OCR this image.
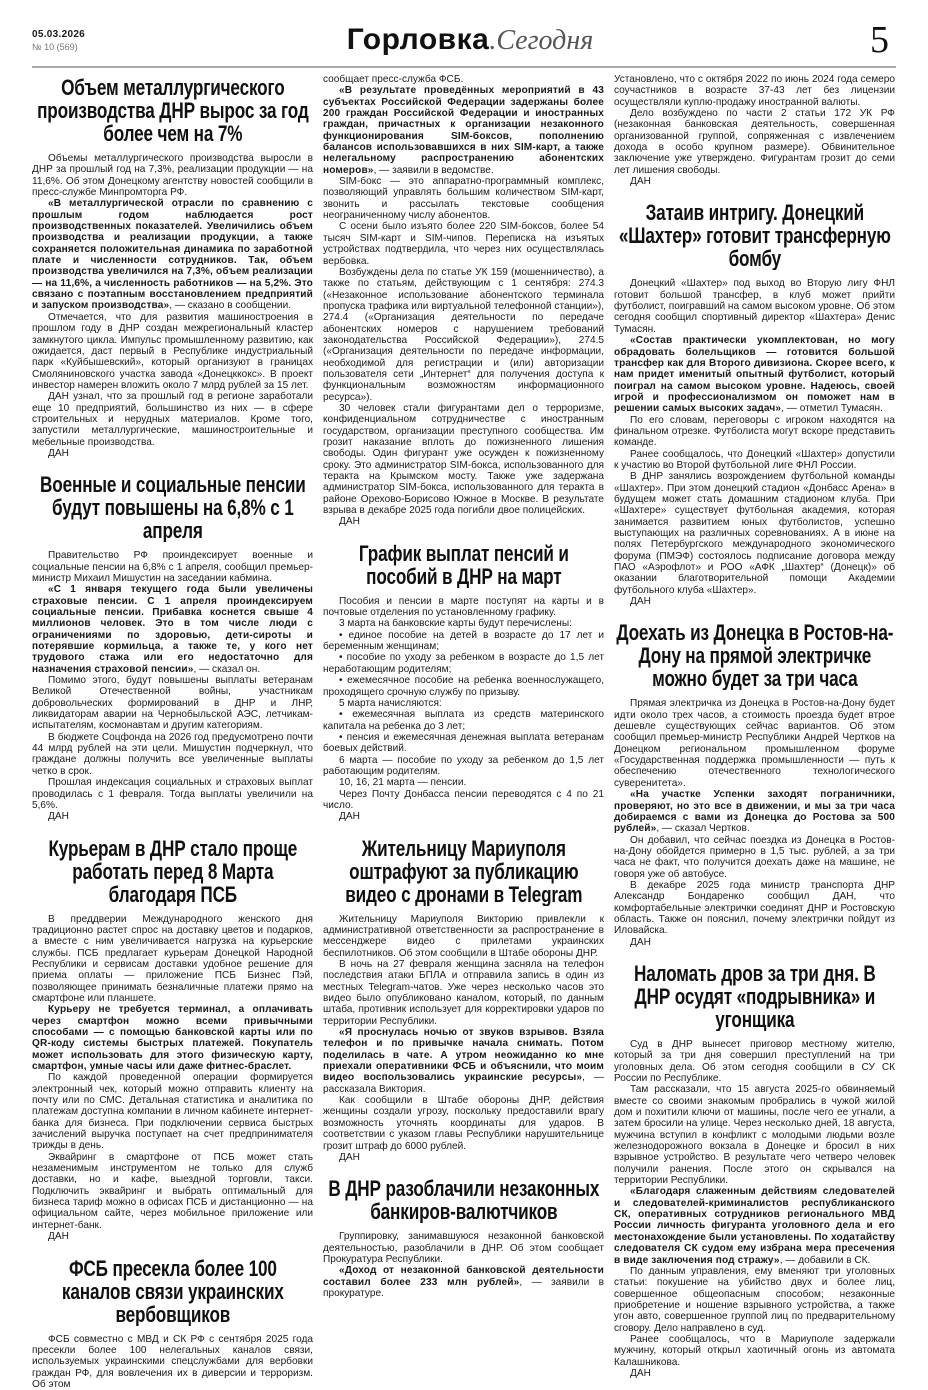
05.03.2026
№ 10 (569)	Горловка.Сегодня	5
Объем металлургического производства ДНР вырос за год более чем на 7%

Объемы металлургического производства выросли в ДНР за прошлый год на 7,3%, реализации продукции — на 11,6%. Об этом Донецкому агентству новостей сообщили в пресс-службе Минпромторга РФ.

«В металлургической отрасли по сравнению с прошлым годом наблюдается рост производственных показателей. Увеличились объем производства и реализации продукции, а также сохраняется положительная динамика по заработной плате и численности сотрудников. Так, объем производства увеличился на 7,3%, объем реализации — на 11,6%, а численность работников — на 5,2%. Это связано с поэтапным восстановлением предприятий и запуском производства», — сказано в сообщении.

Отмечается, что для развития машиностроения в прошлом году в ДНР создан межрегиональный кластер замкнутого цикла. Импульс промышленному развитию, как ожидается, даст первый в Республике индустриальный парк «Куйбышевский», который организуют в границах Смоляниновского участка завода «Донецккокс». В проект инвестор намерен вложить около 7 млрд рублей за 15 лет.

ДАН узнал, что за прошлый год в регионе заработали еще 10 предприятий, большинство из них — в сфере строительных и нерудных материалов. Кроме того, запустили металлургические, машиностроительные и мебельные производства.

ДАН
Военные и социальные пенсии будут повышены на 6,8% с 1 апреля

Правительство РФ проиндексирует военные и социальные пенсии на 6,8% с 1 апреля, сообщил премьер-министр Михаил Мишустин на заседании кабмина.

«С 1 января текущего года были увеличены страховые пенсии. С 1 апреля проиндексируем социальные пенсии. Прибавка коснется свыше 4 миллионов человек. Это в том числе люди с ограничениями по здоровью, дети-сироты и потерявшие кормильца, а также те, у кого нет трудового стажа или его недостаточно для назначения страховой пенсии», — сказал он.

Помимо этого, будут повышены выплаты ветеранам Великой Отечественной войны, участникам добровольческих формирований в ДНР и ЛНР, ликвидаторам аварии на Чернобыльской АЭС, летчикам-испытателям, космонавтам и другим категориям.

В бюджете Соцфонда на 2026 год предусмотрено почти 44 млрд рублей на эти цели. Мишустин подчеркнул, что граждане должны получить все увеличенные выплаты четко в срок.

Прошлая индексация социальных и страховых выплат проводилась с 1 февраля. Тогда выплаты увеличили на 5,6%.

ДАН
Курьерам в ДНР стало проще работать перед 8 Марта благодаря ПСБ

В преддверии Международного женского дня традиционно растет спрос на доставку цветов и подарков, а вместе с ним увеличивается нагрузка на курьерские службы. ПСБ предлагает курьерам Донецкой Народной Республики и сервисам доставки удобное решение для приема оплаты — приложение ПСБ Бизнес Пэй, позволяющее принимать безналичные платежи прямо на смартфоне или планшете.

Курьеру не требуется терминал, а оплачивать через смартфон можно всеми привычными способами — с помощью банковской карты или по QR-коду системы быстрых платежей. Покупатель может использовать для этого физическую карту, смартфон, умные часы или даже фитнес-браслет.

По каждой проведенной операции формируется электронный чек, который можно отправить клиенту на почту или по СМС. Детальная статистика и аналитика по платежам доступна компании в личном кабинете интернет-банка для бизнеса. При подключении сервиса быстрых зачислений выручка поступает на счет предпринимателя трижды в день.

Эквайринг в смартфоне от ПСБ может стать незаменимым инструментом не только для служб доставки, но и кафе, выездной торговли, такси. Подключить эквайринг и выбрать оптимальный для бизнеса тариф можно в офисах ПСБ и дистанционно — на официальном сайте, через мобильное приложение или интернет-банк.

ДАН
ФСБ пресекла более 100 каналов связи украинских вербовщиков

ФСБ совместно с МВД и СК РФ с сентября 2025 года пресекли более 100 нелегальных каналов связи, используемых украинскими спецслужбами для вербовки граждан РФ, для вовлечения их в диверсии и терроризм. Об этом

сообщает пресс-служба ФСБ.

«В результате проведённых мероприятий в 43 субъектах Российской Федерации задержаны более 200 граждан Российской Федерации и иностранных граждан, причастных к организации незаконного функционирования SIM-боксов, пополнению балансов использовавшихся в них SIM-карт, а также нелегальному распространению абонентских номеров», — заявили в ведомстве.

SIM-бокс — это аппаратно-программный комплекс, позволяющий управлять большим количеством SIM-карт, звонить и рассылать текстовые сообщения неограниченному числу абонентов.

С осени было изъято более 220 SIM-боксов, более 54 тысяч SIM-карт и SIM-чипов. Переписка на изъятых устройствах подтвердила, что через них осуществлялась вербовка.

Возбуждены дела по статье УК 159 (мошенничество), а также по статьям, действующим с 1 сентября: 274.3 («Незаконное использование абонентского терминала пропуска трафика или виртуальной телефонной станции»), 274.4 («Организация деятельности по передаче абонентских номеров с нарушением требований законодательства Российской Федерации»), 274.5 («Организация деятельности по передаче информации, необходимой для регистрации и (или) авторизации пользователя сети „Интернет“ для получения доступа к функциональным возможностям информационного ресурса»).

30 человек стали фигурантами дел о терроризме, конфиденциальном сотрудничестве с иностранным государством, организации преступного сообщества. Им грозит наказание вплоть до пожизненного лишения свободы. Один фигурант уже осужден к пожизненному сроку. Это администратор SIM-бокса, использованного для теракта на Крымском мосту. Также уже задержана администратор SIM-бокса, использованного для теракта в районе Орехово-Борисово Южное в Москве. В результате взрыва в декабре 2025 года погибли двое полицейских.

ДАН
График выплат пенсий и пособий в ДНР на март

Пособия и пенсии в марте поступят на карты и в почтовые отделения по установленному графику.

3 марта на банковские карты будут перечислены:

• единое пособие на детей в возрасте до 17 лет и беременным женщинам;

• пособие по уходу за ребенком в возрасте до 1,5 лет неработающим родителям;

• ежемесячное пособие на ребенка военнослужащего, проходящего срочную службу по призыву.

5 марта начисляются:

• ежемесячная выплата из средств материнского капитала на ребенка до 3 лет;

• пенсия и ежемесячная денежная выплата ветеранам боевых действий.

6 марта — пособие по уходу за ребенком до 1,5 лет работающим родителям.

10, 16, 21 марта — пенсии.

Через Почту Донбасса пенсии переводятся с 4 по 21 число.

ДАН
Жительницу Мариуполя оштрафуют за публикацию видео с дронами в Telegram

Жительницу Мариуполя Викторию привлекли к административной ответственности за распространение в мессенджере видео с прилетами украинских беспилотников. Об этом сообщили в Штабе обороны ДНР.

В ночь на 27 февраля женщина засняла на телефон последствия атаки БПЛА и отправила запись в один из местных Telegram-чатов. Уже через несколько часов это видео было опубликовано каналом, который, по данным штаба, противник использует для корректировки ударов по территории Республики.

«Я проснулась ночью от звуков взрывов. Взяла телефон и по привычке начала снимать. Потом поделилась в чате. А утром неожиданно ко мне приехали оперативники ФСБ и объяснили, что моим видео воспользовались украинские ресурсы», — рассказала Виктория.

Как сообщили в Штабе обороны ДНР, действия женщины создали угрозу, поскольку предоставили врагу возможность уточнять координаты для ударов. В соответствии с указом главы Республики нарушительнице грозит штраф до 6000 рублей.

ДАН
В ДНР разоблачили незаконных банкиров-валютчиков

Группировку, занимавшуюся незаконной банковской деятельностью, разоблачили в ДНР. Об этом сообщает Прокуратура Республики.

«Доход от незаконной банковской деятельности составил более 233 млн рублей», — заявили в прокуратуре.

Установлено, что с октября 2022 по июнь 2024 года семеро соучастников в возрасте 37-43 лет без лицензии осуществляли куплю-продажу иностранной валюты.

Дело возбуждено по части 2 статьи 172 УК РФ (незаконная банковская деятельность, совершенная организованной группой, сопряженная с извлечением дохода в особо крупном размере). Обвинительное заключение уже утверждено. Фигурантам грозит до семи лет лишения свободы.

ДАН
Затаив интригу. Донецкий «Шахтер» готовит трансферную бомбу

Донецкий «Шахтер» под выход во Вторую лигу ФНЛ готовит большой трансфер, в клуб может прийти футболист, поигравший на самом высоком уровне. Об этом сегодня сообщил спортивный директор «Шахтера» Денис Тумасян.

«Состав практически укомплектован, но могу обрадовать болельщиков — готовится большой трансфер как для Второго дивизиона. Скорее всего, к нам придет именитый опытный футболист, который поиграл на самом высоком уровне. Надеюсь, своей игрой и профессионализмом он поможет нам в решении самых высоких задач», — отметил Тумасян.

По его словам, переговоры с игроком находятся на финальном отрезке. Футболиста могут вскоре представить команде.

Ранее сообщалось, что Донецкий «Шахтер» допустили к участию во Второй футбольной лиге ФНЛ России.

В ДНР занялись возрождением футбольной команды «Шахтер». При этом донецкий стадион «Донбасс Арена» в будущем может стать домашним стадионом клуба. При «Шахтере» существует футбольная академия, которая занимается развитием юных футболистов, успешно выступающих на различных соревнованиях. А в июне на полях Петербургского международного экономического форума (ПМЭФ) состоялось подписание договора между ПАО «Аэрофлот» и РОО «АФК „Шахтер“ (Донецк)» об оказании благотворительной помощи Академии футбольного клуба «Шахтер».

ДАН
Доехать из Донецка в Ростов-на-Дону на прямой электричке можно будет за три часа

Прямая электричка из Донецка в Ростов-на-Дону будет идти около трех часов, а стоимость проезда будет втрое дешевле существующих сейчас вариантов. Об этом сообщил премьер-министр Республики Андрей Чертков на Донецком региональном промышленном форуме «Государственная поддержка промышленности — путь к обеспечению отечественного технологического суверенитета».

«На участке Успенки заходят пограничники, проверяют, но это все в движении, и мы за три часа добираемся с вами из Донецка до Ростова за 500 рублей», — сказал Чертков.

Он добавил, что сейчас поездка из Донецка в Ростов-на-Дону обойдется примерно в 1,5 тыс. рублей, а за три часа не факт, что получится доехать даже на машине, не говоря уже об автобусе.

В декабре 2025 года министр транспорта ДНР Александр Бондаренко сообщил ДАН, что комфортабельные электрички соединят ДНР и Ростовскую область. Также он пояснил, почему электрички пойдут из Иловайска.

ДАН
Наломать дров за три дня. В ДНР осудят «подрывника» и угонщика

Суд в ДНР вынесет приговор местному жителю, который за три дня совершил преступлений на три уголовных дела. Об этом сегодня сообщили в СУ СК России по Республике.

Там рассказали, что 15 августа 2025-го обвиняемый вместе со своими знакомым пробрались в чужой жилой дом и похитили ключи от машины, после чего ее угнали, а затем бросили на улице. Через несколько дней, 18 августа, мужчина вступил в конфликт с молодыми людьми возле железнодорожного вокзала в Донецке и бросил в них взрывное устройство. В результате чего четверо человек получили ранения. После этого он скрывался на территории Республики.

«Благодаря слаженным действиям следователей и следователей-криминалистов республиканского СК, оперативных сотрудников регионального МВД России личность фигуранта уголовного дела и его местонахождение были установлены. По ходатайству следователя СК судом ему избрана мера пресечения в виде заключения под стражу», — добавили в СК.

По данным управления, ему вменяют три уголовных статьи: покушение на убийство двух и более лиц, совершенное общеопасным способом; незаконные приобретение и ношение взрывного устройства, а также угон авто, совершенное группой лиц по предварительному сговору. Дело направлено в суд.

Ранее сообщалось, что в Мариуполе задержали мужчину, который открыл хаотичный огонь из автомата Калашникова.

ДАН
